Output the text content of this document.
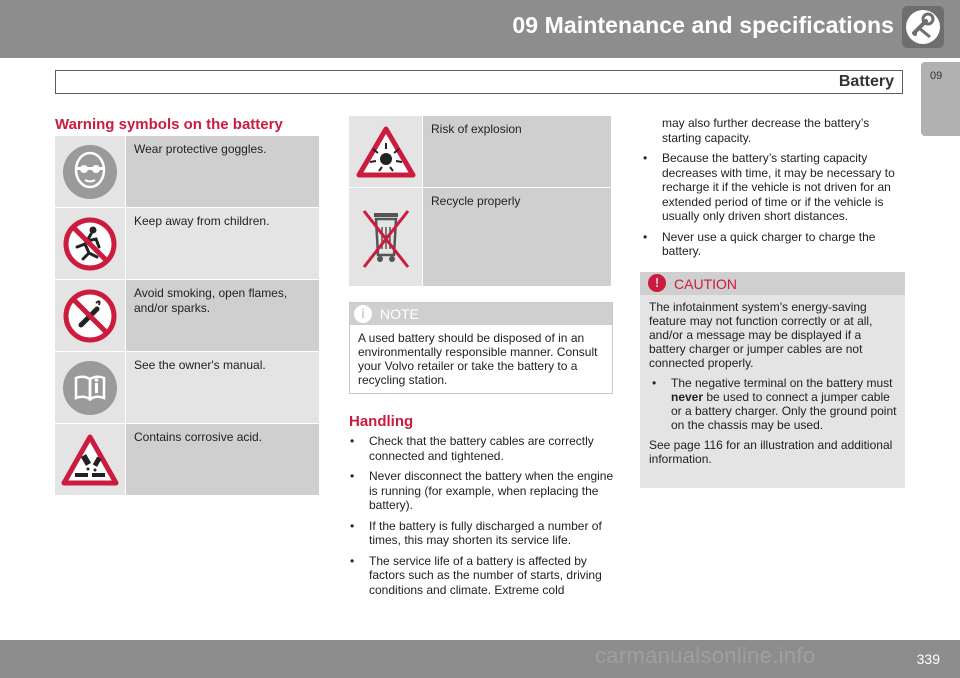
09 Maintenance and specifications
Battery	09
Warning symbols on the battery
Wear protective goggles.
Keep away from children.
Avoid smoking, open flames, and/or sparks.
See the owner's manual.
Contains corrosive acid.
Risk of explosion
Recycle properly
i	NOTE
A used battery should be disposed of in an environmentally responsible manner. Consult your Volvo retailer or take the battery to a recycling station.
Handling
• Check that the battery cables are correctly connected and tightened.
• Never disconnect the battery when the engine is running (for example, when replacing the battery).
• If the battery is fully discharged a number of times, this may shorten its service life.
• The service life of a battery is affected by factors such as the number of starts, driving conditions and climate. Extreme cold
may also further decrease the battery’s starting capacity.
• Because the battery’s starting capacity decreases with time, it may be necessary to recharge it if the vehicle is not driven for an extended period of time or if the vehicle is usually only driven short distances.
• Never use a quick charger to charge the battery.
!	CAUTION

The infotainment system's energy-saving feature may not function correctly or at all, and/or a message may be displayed if a battery charger or jumper cables are not connected properly.

• The negative terminal on the battery must never be used to connect a jumper cable or a battery charger. Only the ground point on the chassis may be used.

See page 116 for an illustration and additional information.

339
carmanualsonline.info
